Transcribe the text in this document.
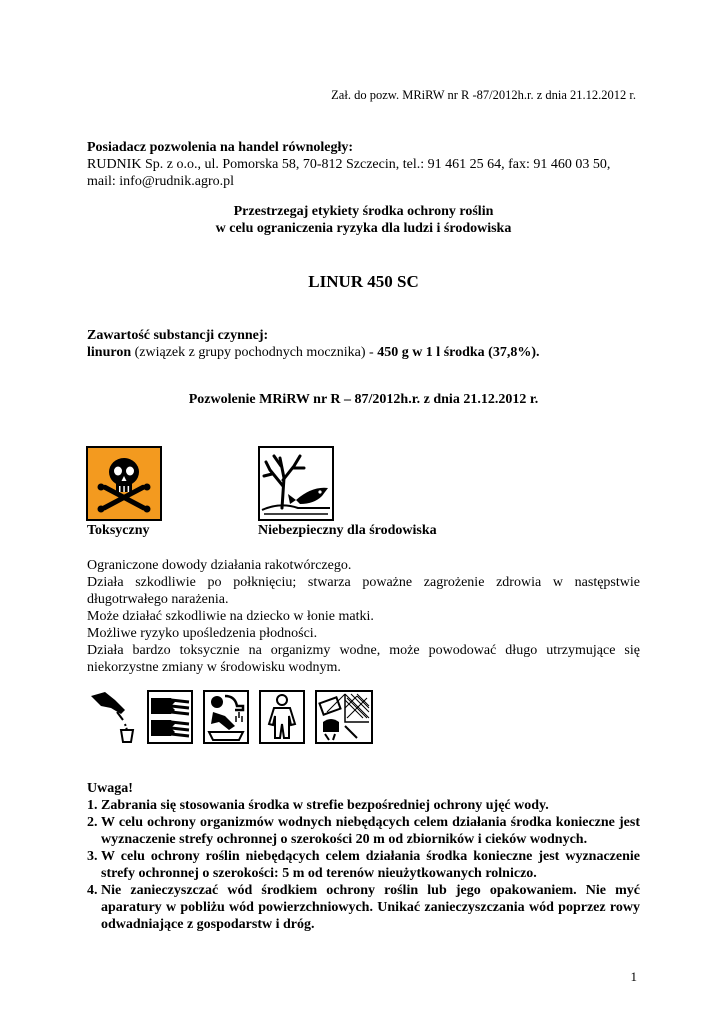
Zał. do pozw. MRiRW nr R -87/2012h.r. z dnia 21.12.2012 r.
Posiadacz pozwolenia na handel równoległy:
RUDNIK Sp. z o.o., ul. Pomorska 58, 70-812 Szczecin, tel.: 91 461 25 64, fax: 91 460 03 50,
mail: info@rudnik.agro.pl
Przestrzegaj etykiety środka ochrony roślin
w celu ograniczenia ryzyka dla ludzi i środowiska
LINUR 450 SC
Zawartość substancji czynnej:
linuron (związek z grupy pochodnych mocznika) - 450 g w 1 l środka (37,8%).
Pozwolenie MRiRW nr R – 87/2012h.r. z dnia 21.12.2012 r.
Toksyczny	Niebezpieczny dla środowiska

Ograniczone dowody działania rakotwórczego.

Działa szkodliwie po połknięciu; stwarza poważne zagrożenie zdrowia w następstwie długotrwałego narażenia.

Może działać szkodliwie na dziecko w łonie matki.

Możliwe ryzyko upośledzenia płodności.

Działa bardzo toksycznie na organizmy wodne, może powodować długo utrzymujące się niekorzystne zmiany w środowisku wodnym.

Uwaga!
1. Zabrania się stosowania środka w strefie bezpośredniej ochrony ujęć wody.
2. W celu ochrony organizmów wodnych niebędących celem działania środka konieczne jest wyznaczenie strefy ochronnej o szerokości 20 m od zbiorników i cieków wodnych.
3. W celu ochrony roślin niebędących celem działania środka konieczne jest wyznaczenie strefy ochronnej o szerokości: 5 m od terenów nieużytkowanych rolniczo.
4. Nie zanieczyszczać wód środkiem ochrony roślin lub jego opakowaniem. Nie myć aparatury w pobliżu wód powierzchniowych. Unikać zanieczyszczania wód poprzez rowy odwadniające z gospodarstw i dróg.
1
